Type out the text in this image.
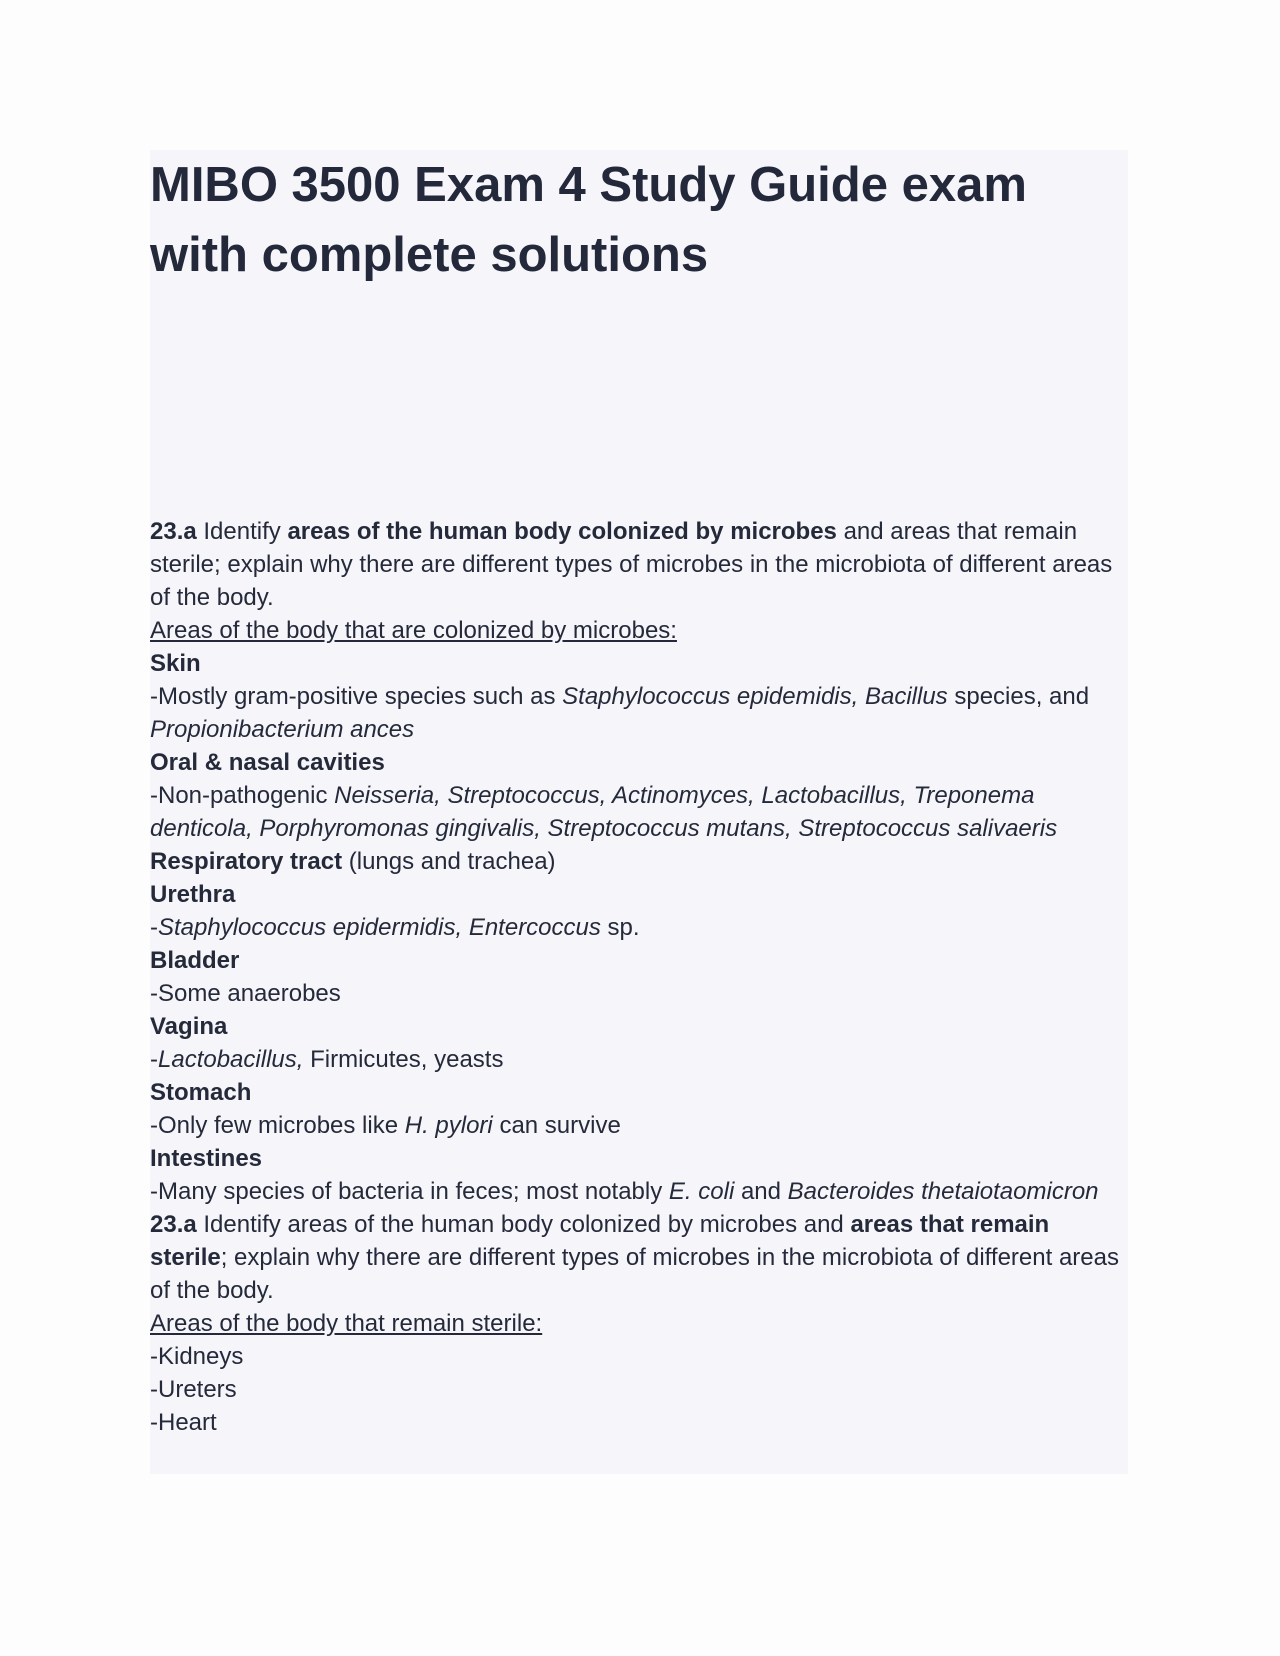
MIBO 3500 Exam 4 Study Guide exam with complete solutions

23.a Identify areas of the human body colonized by microbes and areas that remain sterile; explain why there are different types of microbes in the microbiota of different areas of the body.

Areas of the body that are colonized by microbes:

Skin

-Mostly gram-positive species such as Staphylococcus epidemidis, Bacillus species, and Propionibacterium ances

Oral & nasal cavities

-Non-pathogenic Neisseria, Streptococcus, Actinomyces, Lactobacillus, Treponema denticola, Porphyromonas gingivalis, Streptococcus mutans, Streptococcus salivaeris

Respiratory tract (lungs and trachea)

Urethra

-Staphylococcus epidermidis, Entercoccus sp.

Bladder

-Some anaerobes

Vagina

-Lactobacillus, Firmicutes, yeasts

Stomach

-Only few microbes like H. pylori can survive

Intestines

-Many species of bacteria in feces; most notably E. coli and Bacteroides thetaiotaomicron

23.a Identify areas of the human body colonized by microbes and areas that remain sterile; explain why there are different types of microbes in the microbiota of different areas of the body.

Areas of the body that remain sterile:

-Kidneys

-Ureters

-Heart
